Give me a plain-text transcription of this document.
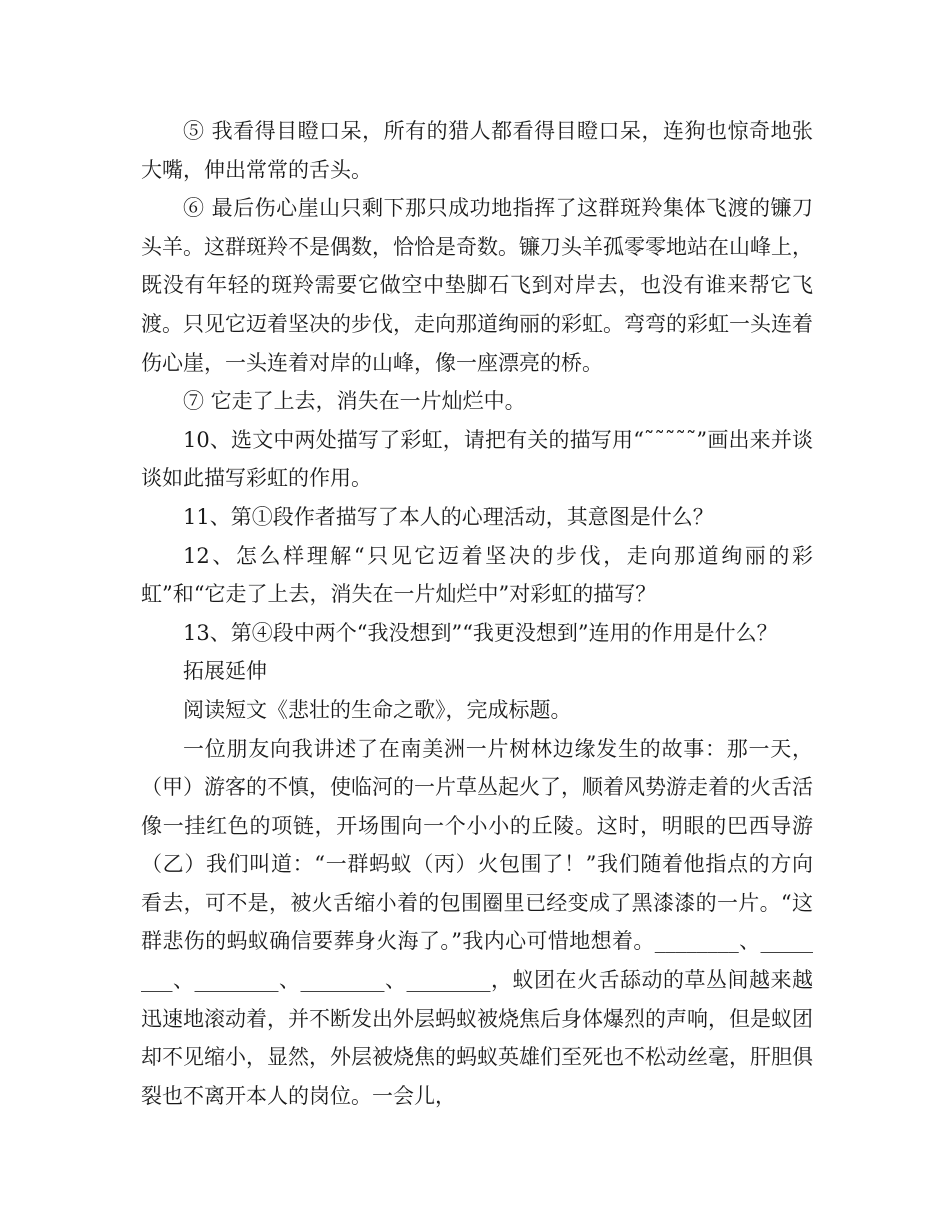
⑤ 我看得目瞪口呆，所有的猎人都看得目瞪口呆，连狗也惊奇地张大嘴，伸出常常的舌头。

⑥ 最后伤心崖山只剩下那只成功地指挥了这群斑羚集体飞渡的镰刀头羊。这群斑羚不是偶数，恰恰是奇数。镰刀头羊孤零零地站在山峰上，既没有年轻的斑羚需要它做空中垫脚石飞到对岸去，也没有谁来帮它飞渡。只见它迈着坚决的步伐，走向那道绚丽的彩虹。弯弯的彩虹一头连着伤心崖，一头连着对岸的山峰，像一座漂亮的桥。

⑦ 它走了上去，消失在一片灿烂中。

10、选文中两处描写了彩虹，请把有关的描写用“˜˜˜˜˜”画出来并谈谈如此描写彩虹的作用。

11、第①段作者描写了本人的心理活动，其意图是什么？

12、怎么样理解“只见它迈着坚决的步伐，走向那道绚丽的彩虹”和“它走了上去，消失在一片灿烂中”对彩虹的描写？

13、第④段中两个“我没想到”“我更没想到”连用的作用是什么？

拓展延伸

阅读短文《悲壮的生命之歌》，完成标题。

一位朋友向我讲述了在南美洲一片树林边缘发生的故事：那一天，（甲）游客的不慎，使临河的一片草丛起火了，顺着风势游走着的火舌活像一挂红色的项链，开场围向一个小小的丘陵。这时，明眼的巴西导游（乙）我们叫道：“一群蚂蚁（丙）火包围了！”我们随着他指点的方向看去，可不是，被火舌缩小着的包围圈里已经变成了黑漆漆的一片。“这群悲伤的蚂蚁确信要葬身火海了。”我内心可惜地想着。________、________、________、________、________，蚁团在火舌舔动的草丛间越来越迅速地滚动着，并不断发出外层蚂蚁被烧焦后身体爆烈的声响，但是蚁团却不见缩小，显然，外层被烧焦的蚂蚁英雄们至死也不松动丝毫，肝胆俱裂也不离开本人的岗位。一会儿，
